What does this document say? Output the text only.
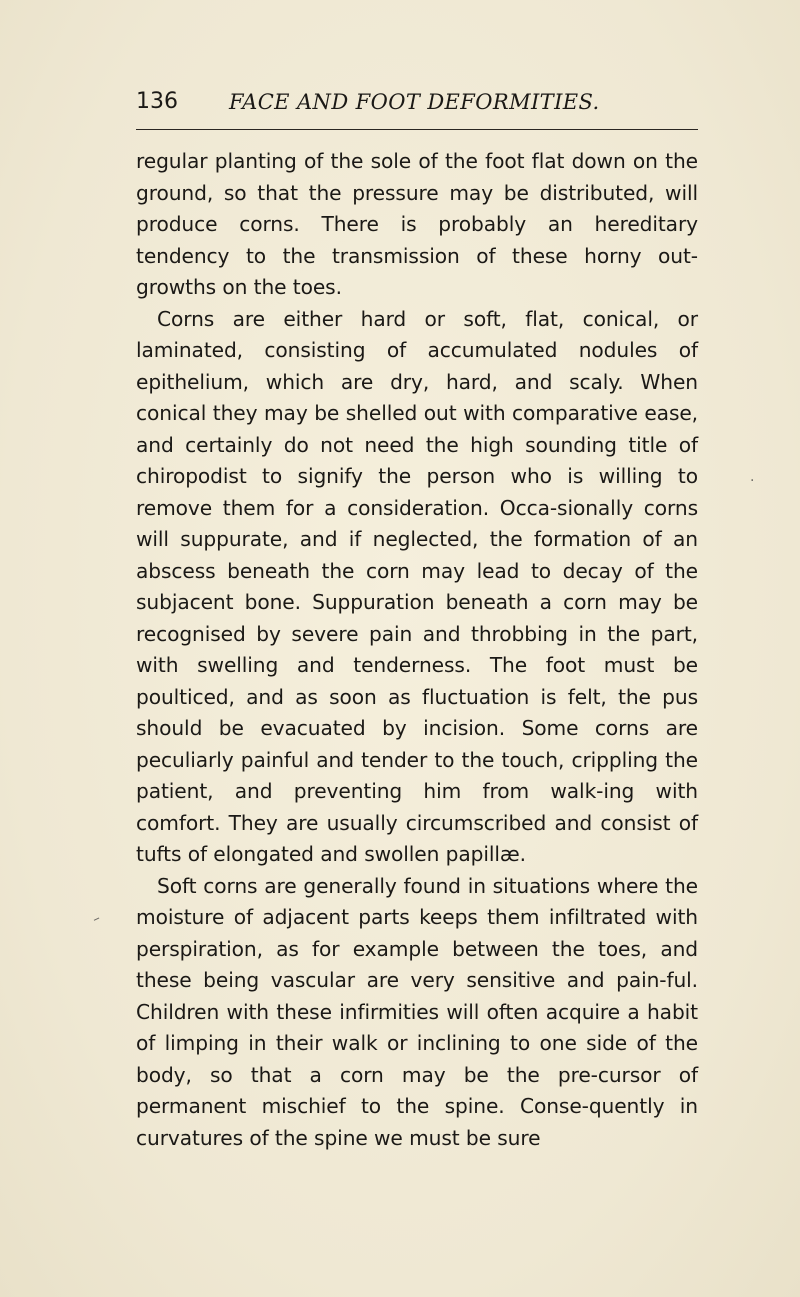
136 FACE AND FOOT DEFORMITIES.

regular planting of the sole of the foot flat down on the ground, so that the pressure may be distributed, will produce corns. There is probably an hereditary tendency to the transmission of these horny out-growths on the toes.

Corns are either hard or soft, flat, conical, or laminated, consisting of accumulated nodules of epithelium, which are dry, hard, and scaly. When conical they may be shelled out with comparative ease, and certainly do not need the high sounding title of chiropodist to signify the person who is willing to remove them for a consideration. Occa-sionally corns will suppurate, and if neglected, the formation of an abscess beneath the corn may lead to decay of the subjacent bone. Suppuration beneath a corn may be recognised by severe pain and throbbing in the part, with swelling and tenderness. The foot must be poulticed, and as soon as fluctuation is felt, the pus should be evacuated by incision. Some corns are peculiarly painful and tender to the touch, crippling the patient, and preventing him from walk-ing with comfort. They are usually circumscribed and consist of tufts of elongated and swollen papillæ.

Soft corns are generally found in situations where the moisture of adjacent parts keeps them infiltrated with perspiration, as for example between the toes, and these being vascular are very sensitive and pain-ful. Children with these infirmities will often acquire a habit of limping in their walk or inclining to one side of the body, so that a corn may be the pre-cursor of permanent mischief to the spine. Conse-quently in curvatures of the spine we must be sure

·
–
